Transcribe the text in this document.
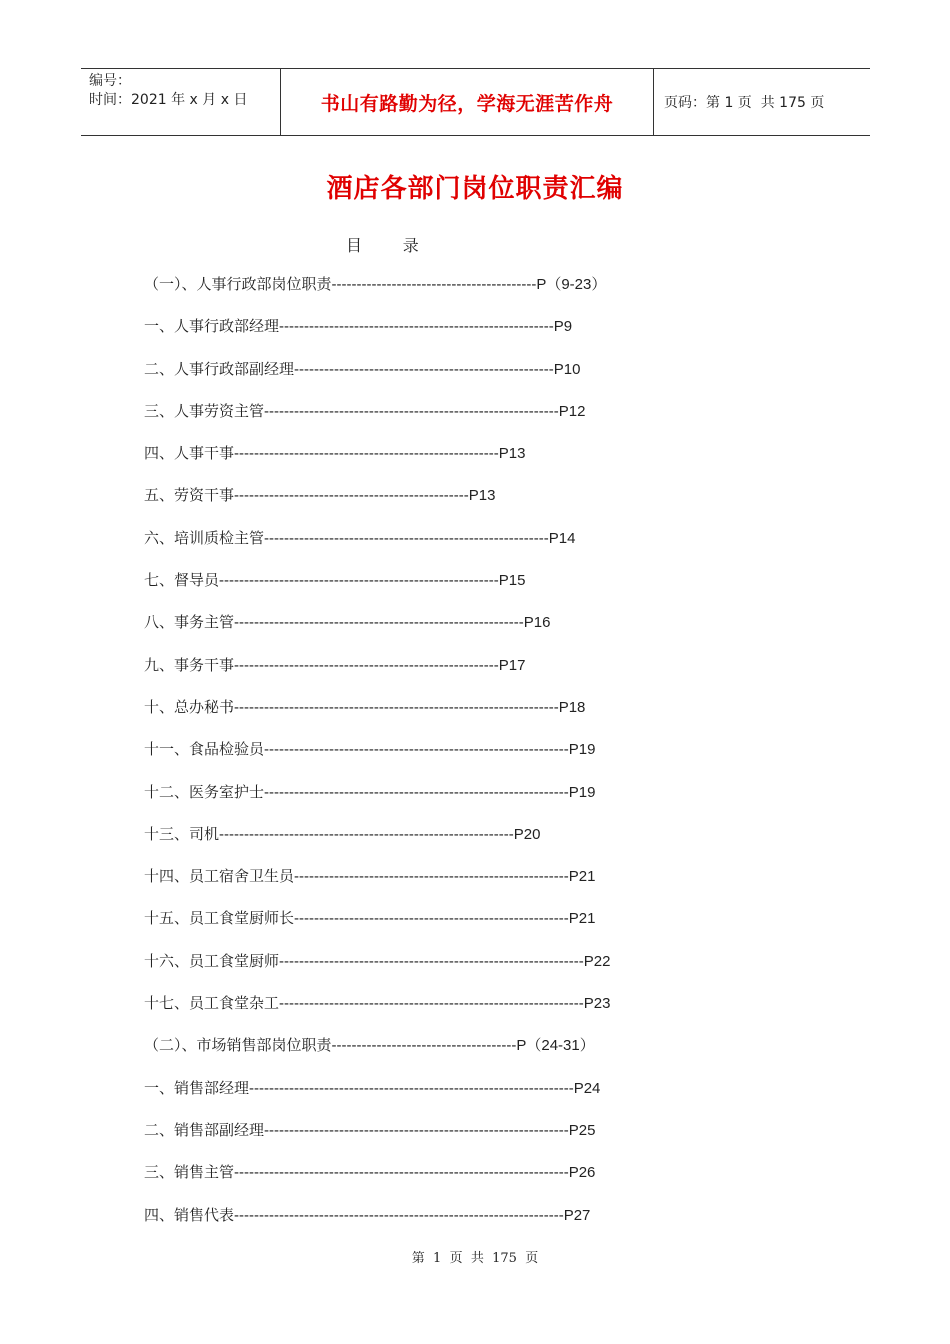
编号：
时间：2021 年 x 月 x 日	书山有路勤为径，学海无涯苦作舟	页码：第 1 页  共 175 页
酒店各部门岗位职责汇编
目        录
（一）、人事行政部岗位职责-----------------------------------------P（9-23）
一、人事行政部经理-------------------------------------------------------P9
二、人事行政部副经理----------------------------------------------------P10
三、人事劳资主管-----------------------------------------------------------P12
四、人事干事-----------------------------------------------------P13
五、劳资干事-----------------------------------------------P13
六、培训质检主管---------------------------------------------------------P14
七、督导员--------------------------------------------------------P15
八、事务主管----------------------------------------------------------P16
九、事务干事-----------------------------------------------------P17
十、总办秘书-----------------------------------------------------------------P18
十一、食品检验员-------------------------------------------------------------P19
十二、医务室护士-------------------------------------------------------------P19
十三、司机-----------------------------------------------------------P20
十四、员工宿舍卫生员-------------------------------------------------------P21
十五、员工食堂厨师长-------------------------------------------------------P21
十六、员工食堂厨师-------------------------------------------------------------P22
十七、员工食堂杂工-------------------------------------------------------------P23
（二）、市场销售部岗位职责-------------------------------------P（24-31）
一、销售部经理-----------------------------------------------------------------P24
二、销售部副经理-------------------------------------------------------------P25
三、销售主管-------------------------------------------------------------------P26
四、销售代表------------------------------------------------------------------P27
第  1  页  共  175  页
